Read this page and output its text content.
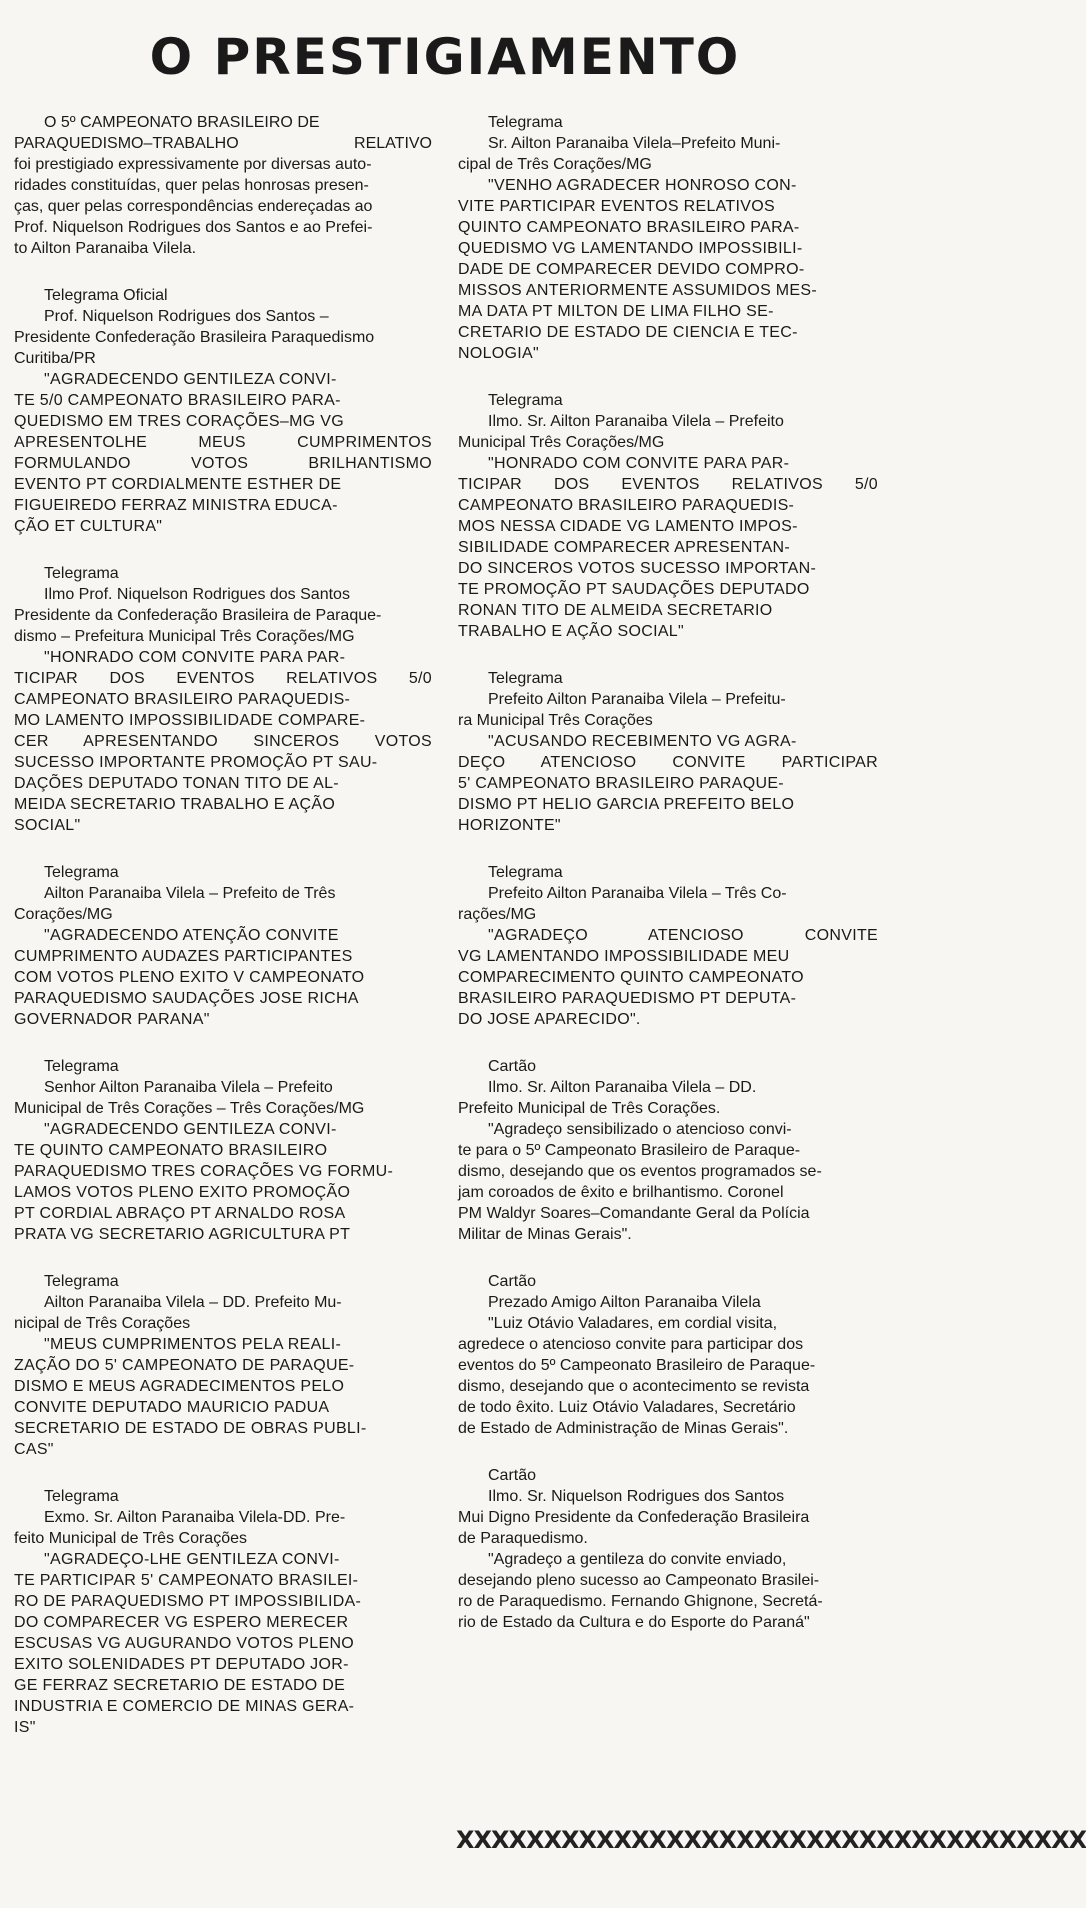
O PRESTIGIAMENTO
O 5º CAMPEONATO BRASILEIRO DE
PARAQUEDISMO–TRABALHO RELATIVO
foi prestigiado expressivamente por diversas auto-
ridades constituídas, quer pelas honrosas presen-
ças, quer pelas correspondências endereçadas ao
Prof. Niquelson Rodrigues dos Santos e ao Prefei-
to Ailton Paranaiba Vilela.
Telegrama Oficial
Prof. Niquelson Rodrigues dos Santos –
Presidente Confederação Brasileira Paraquedismo
Curitiba/PR
"AGRADECENDO GENTILEZA CONVI-
TE 5/0 CAMPEONATO BRASILEIRO PARA-
QUEDISMO EM TRES CORAÇÕES–MG VG
APRESENTOLHE MEUS CUMPRIMENTOS
FORMULANDO VOTOS BRILHANTISMO
EVENTO PT CORDIALMENTE ESTHER DE
FIGUEIREDO FERRAZ MINISTRA EDUCA-
ÇÃO ET CULTURA"
Telegrama
Ilmo Prof. Niquelson Rodrigues dos Santos
Presidente da Confederação Brasileira de Paraque-
dismo – Prefeitura Municipal Três Corações/MG
"HONRADO COM CONVITE PARA PAR-
TICIPAR DOS EVENTOS RELATIVOS 5/0
CAMPEONATO BRASILEIRO PARAQUEDIS-
MO LAMENTO IMPOSSIBILIDADE COMPARE-
CER APRESENTANDO SINCEROS VOTOS
SUCESSO IMPORTANTE PROMOÇÃO PT SAU-
DAÇÕES DEPUTADO TONAN TITO DE AL-
MEIDA SECRETARIO TRABALHO E AÇÃO
SOCIAL"
Telegrama
Ailton Paranaiba Vilela – Prefeito de Três
Corações/MG
"AGRADECENDO ATENÇÃO CONVITE
CUMPRIMENTO AUDAZES PARTICIPANTES
COM VOTOS PLENO EXITO V CAMPEONATO
PARAQUEDISMO SAUDAÇÕES JOSE RICHA
GOVERNADOR PARANA"
Telegrama
Senhor Ailton Paranaiba Vilela – Prefeito
Municipal de Três Corações – Três Corações/MG
"AGRADECENDO GENTILEZA CONVI-
TE QUINTO CAMPEONATO BRASILEIRO
PARAQUEDISMO TRES CORAÇÕES VG FORMU-
LAMOS VOTOS PLENO EXITO PROMOÇÃO
PT CORDIAL ABRAÇO PT ARNALDO ROSA
PRATA VG SECRETARIO AGRICULTURA PT
Telegrama
Ailton Paranaiba Vilela – DD. Prefeito Mu-
nicipal de Três Corações
"MEUS CUMPRIMENTOS PELA REALI-
ZAÇÃO DO 5' CAMPEONATO DE PARAQUE-
DISMO E MEUS AGRADECIMENTOS PELO
CONVITE DEPUTADO MAURICIO PADUA
SECRETARIO DE ESTADO DE OBRAS PUBLI-
CAS"
Telegrama
Exmo. Sr. Ailton Paranaiba Vilela-DD. Pre-
feito Municipal de Três Corações
"AGRADEÇO-LHE GENTILEZA CONVI-
TE PARTICIPAR 5' CAMPEONATO BRASILEI-
RO DE PARAQUEDISMO PT IMPOSSIBILIDA-
DO COMPARECER VG ESPERO MERECER
ESCUSAS VG AUGURANDO VOTOS PLENO
EXITO SOLENIDADES PT DEPUTADO JOR-
GE FERRAZ SECRETARIO DE ESTADO DE
INDUSTRIA E COMERCIO DE MINAS GERA-
IS"
Telegrama
Sr. Ailton Paranaiba Vilela–Prefeito Muni-
cipal de Três Corações/MG
"VENHO AGRADECER HONROSO CON-
VITE PARTICIPAR EVENTOS RELATIVOS
QUINTO CAMPEONATO BRASILEIRO PARA-
QUEDISMO VG LAMENTANDO IMPOSSIBILI-
DADE DE COMPARECER DEVIDO COMPRO-
MISSOS ANTERIORMENTE ASSUMIDOS MES-
MA DATA PT MILTON DE LIMA FILHO SE-
CRETARIO DE ESTADO DE CIENCIA E TEC-
NOLOGIA"
Telegrama
Ilmo. Sr. Ailton Paranaiba Vilela – Prefeito
Municipal Três Corações/MG
"HONRADO COM CONVITE PARA PAR-
TICIPAR DOS EVENTOS RELATIVOS 5/0
CAMPEONATO BRASILEIRO PARAQUEDIS-
MOS NESSA CIDADE VG LAMENTO IMPOS-
SIBILIDADE COMPARECER APRESENTAN-
DO SINCEROS VOTOS SUCESSO IMPORTAN-
TE PROMOÇÃO PT SAUDAÇÕES DEPUTADO
RONAN TITO DE ALMEIDA SECRETARIO
TRABALHO E AÇÃO SOCIAL"
Telegrama
Prefeito Ailton Paranaiba Vilela – Prefeitu-
ra Municipal Três Corações
"ACUSANDO RECEBIMENTO VG AGRA-
DEÇO ATENCIOSO CONVITE PARTICIPAR
5' CAMPEONATO BRASILEIRO PARAQUE-
DISMO PT HELIO GARCIA PREFEITO BELO
HORIZONTE"
Telegrama
Prefeito Ailton Paranaiba Vilela – Três Co-
rações/MG
"AGRADEÇO ATENCIOSO CONVITE
VG LAMENTANDO IMPOSSIBILIDADE MEU
COMPARECIMENTO QUINTO CAMPEONATO
BRASILEIRO PARAQUEDISMO PT DEPUTA-
DO JOSE APARECIDO".
Cartão
Ilmo. Sr. Ailton Paranaiba Vilela – DD.
Prefeito Municipal de Três Corações.
"Agradeço sensibilizado o atencioso convi-
te para o 5º Campeonato Brasileiro de Paraque-
dismo, desejando que os eventos programados se-
jam coroados de êxito e brilhantismo. Coronel
PM Waldyr Soares–Comandante Geral da Polícia
Militar de Minas Gerais".
Cartão
Prezado Amigo Ailton Paranaiba Vilela
"Luiz Otávio Valadares, em cordial visita,
agredece o atencioso convite para participar dos
eventos do 5º Campeonato Brasileiro de Paraque-
dismo, desejando que o acontecimento se revista
de todo êxito. Luiz Otávio Valadares, Secretário
de Estado de Administração de Minas Gerais".
Cartão
Ilmo. Sr. Niquelson Rodrigues dos Santos
Mui Digno Presidente da Confederação Brasileira
de Paraquedismo.
"Agradeço a gentileza do convite enviado,
desejando pleno sucesso ao Campeonato Brasilei-
ro de Paraquedismo. Fernando Ghignone, Secretá-
rio de Estado da Cultura e do Esporte do Paraná"
XXXXXXXXXXXXXXXXXXXXXXXXXXXXXXXXXXXX
